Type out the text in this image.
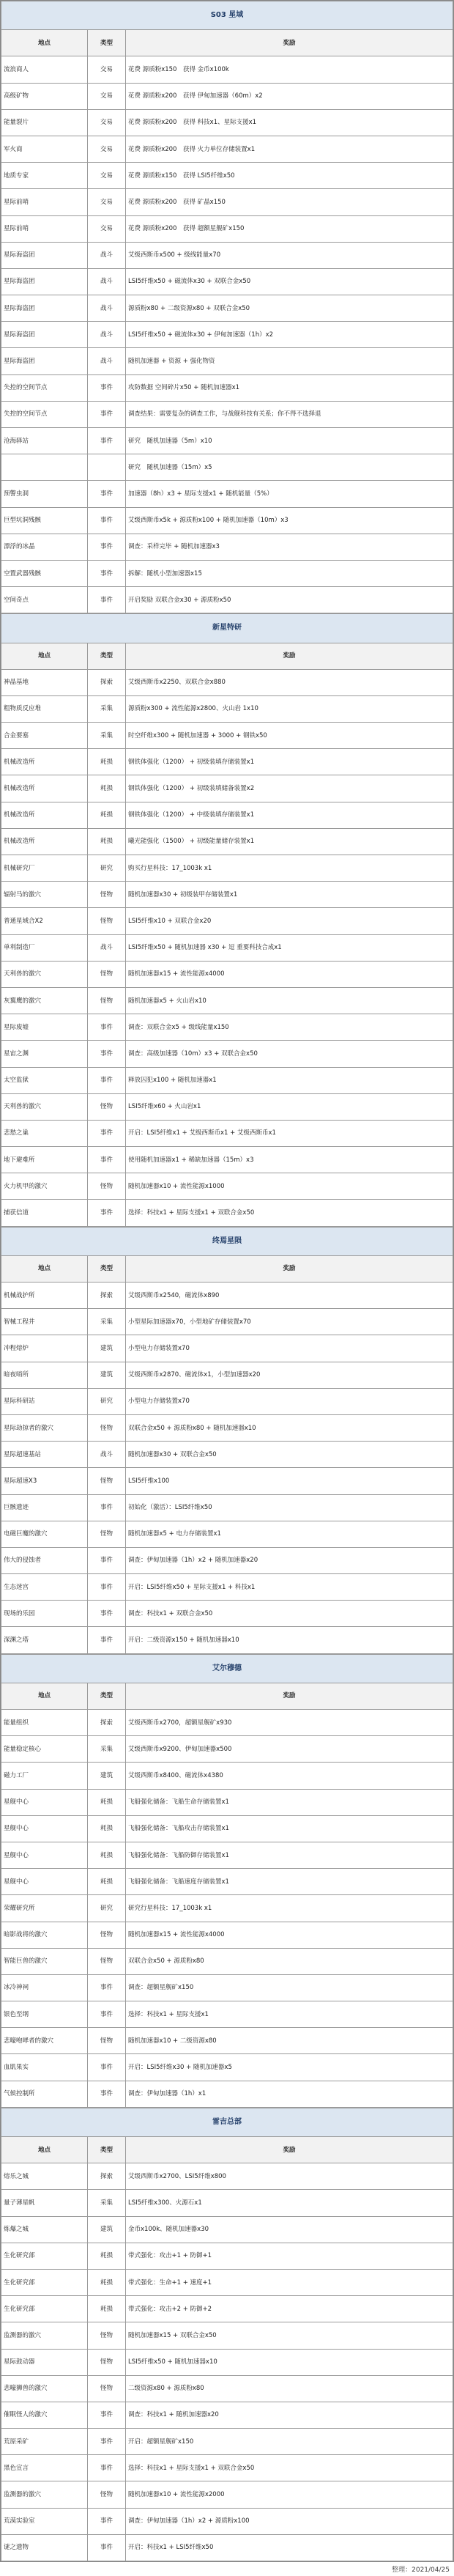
S03 星域		
地点	类型	奖励
流浪商人	交易	花费 源质粉x150　获得 金币x100k
高级矿物	交易	花费 源质粉x200　获得 伊甸加速器（60m）x2
能量裂片	交易	花费 源质粉x200　获得 科技x1、星际支援x1
军火商	交易	花费 源质粉x200　获得 火力单位存储装置x1
地质专家	交易	花费 源质粉x150　获得 LSI5纤维x50
星际前哨	交易	花费 源质粉x200　获得 矿晶x150
星际前哨	交易	花费 源质粉x200　获得 超额星舰矿x150
星际海盗团	战斗	艾级西斯币x500 + 级线能量x70
星际海盗团	战斗	LSI5纤维x50 + 磁流体x30 + 双联合金x50
星际海盗团	战斗	源质粉x80 + 二级资源x80 + 双联合金x50
星际海盗团	战斗	LSI5纤维x50 + 磁流体x30 + 伊甸加速器（1h）x2
星际海盗团	战斗	随机加速器 + 资源 + 强化物资
失控的空间节点	事件	攻防数据 空间碎片x50 + 随机加速器x1
失控的空间节点	事件	调查结果：需要复杂的调查工作，与战舰科技有关系；你不得不选择退
沧海驿站	事件	研究　随机加速器（5m）x10
		研究　随机加速器（15m）x5
预警虫洞	事件	加速器（8h）x3 + 星际支援x1 + 随机能量（5%）
巨型坑洞残骸	事件	艾级西斯币x5k + 源质粉x100 + 随机加速器（10m）x3
漂浮的冰晶	事件	调查：采样完毕 + 随机加速器x3
空置武器残骸	事件	拆解：随机小型加速器x15
空间奇点	事件	开启奖励 双联合金x30 + 源质粉x50
新星特研		
地点	类型	奖励
神晶基地	探索	艾级西斯币x2250、双联合金x880
粗物质反应堆	采集	源质粉x300 + 流性能源x2800、火山岩 1x10
合金要塞	采集	时空纤维x300 + 随机加速器 + 3000 + 钢铁x50
机械改造所	耗损	钢铁体强化（1200） + 初级装填存储装置x1
机械改造所	耗损	钢铁体强化（1200） + 初级装填储备装置x2
机械改造所	耗损	钢铁体强化（1200） + 中级装填存储装置x1
机械改造所	耗损	曦光能强化（1500） + 初级能量储存装置x1
机械研究厂	研究	购买行星科技：17_1003k x1
辐射马的激穴	怪物	随机加速器x30 + 初级装甲存储装置x1
普通星域合X2	怪物	LSI5纤维x10 + 双联合金x20
单利制造厂	战斗	LSI5纤维x50 + 随机加速器 x30 + 逗 重要科技合成x1
天利兽的激穴	怪物	随机加速器x15 + 流性能源x4000
灰翼鹰的激穴	怪物	随机加速器x5 + 火山岩x10
星际废墟	事件	调查：双联合金x5 + 级线能量x150
星宙之渊	事件	调查：高级加速器（10m）x3 + 双联合金x50
太空监狱	事件	释放囚犯x100 + 随机加速器x1
天利兽的激穴	怪物	LSI5纤维x60 + 火山岩x1
悲愁之巢	事件	开启：LSI5纤维x1 + 艾级西斯币x1 + 艾级西斯币x1
地下避难所	事件	使用随机加速器x1 + 稀缺加速器（15m）x3
火力机甲的激穴	怪物	随机加速器x10 + 流性能源x1000
捕获信道	事件	选择：科技x1 + 星际支援x1 + 双联合金x50
终焉星陨		
地点	类型	奖励
机械战护所	探索	艾级西斯币x2540，磁流体x890
智械工程井	采集	小型星际加速器x70，小型地矿存储装置x70
冲程熔炉	建筑	小型电力存储装置x70
暗夜哨所	建筑	艾级西斯币x2870、磁流体x1，小型加速器x20
星际科研站	研究	小型电力存储装置x70
星际劫掠者的激穴	怪物	双联合金x50 + 源质粉x80 + 随机加速器x10
星际超速基站	战斗	随机加速器x30 + 双联合金x50
星际超速X3	怪物	LSI5纤维x100
巨骸遗迹	事件	初始化（激活）：LSI5纤维x50
电磁巨魔的激穴	怪物	随机加速器x5 + 电力存储装置x1
伟大的侵蚀者	事件	调查：伊甸加速器（1h）x2 + 随机加速器x20
生态迷宫	事件	开启：LSI5纤维x50 + 星际支援x1 + 科技x1
现场的乐园	事件	调查：科技x1 + 双联合金x50
深渊之塔	事件	开启：二级资源x150 + 随机加速器x10
艾尔穆德		
地点	类型	奖励
能量组织	探索	艾级西斯币x2700，超额星舰矿x930
能量稳定核心	采集	艾级西斯币x9200、伊甸加速器x500
磁力工厂	建筑	艾级西斯币x8400、磁流体x4380
星舰中心	耗损	飞船强化储备：飞船生命存储装置x1
星舰中心	耗损	飞船强化储备：飞船攻击存储装置x1
星舰中心	耗损	飞船强化储备：飞船防御存储装置x1
星舰中心	耗损	飞船强化储备：飞船速度存储装置x1
荣耀研究所	研究	研究行星科技：17_1003k x1
暗影战将的激穴	怪物	随机加速器x15 + 流性能源x4000
智能巨兽的激穴	怪物	双联合金x50 + 源质粉x80
冰冷神祠	事件	调查：超额星舰矿x150
银色至纲	事件	选择：科技x1 + 星际支援x1
悲嚎咆哮者的激穴	怪物	随机加速器x10 + 二级资源x80
血肌果实	事件	开启：LSI5纤维x30 + 随机加速器x5
气候控制所	事件	调查：伊甸加速器（1h）x1
雷吉总部		
地点	类型	奖励
熔乐之城	探索	艾级西斯币x2700、LSI5纤维x800
量子薄星帆	采集	LSI5纤维x300、火源石x1
炼爆之城	建筑	金币x100k、随机加速器x30
生化研究部	耗损	带式强化：攻击+1 + 防御+1
生化研究部	耗损	带式强化：生命+1 + 速度+1
生化研究部	耗损	带式强化：攻击+2 + 防御+2
监测器的激穴	怪物	随机加速器x15 + 双联合金x50
星际鼓动器	怪物	LSI5纤维x50 + 随机加速器x10
悲嚎狮兽的激穴	怪物	二级资源x80 + 源质粉x80
催眠怪人的激穴	事件	调查：科技x1 + 随机加速器x20
荒原采矿	事件	开启：超额星舰矿x150
黑色宣言	事件	选择：科技x1 + 星际支援x1 + 双联合金x50
监测器的激穴	怪物	随机加速器x10 + 流性能源x2000
荒漠实验室	事件	调查：伊甸加速器（1h）x2 + 源质粉x100
谜之遗物	事件	开启：科技x1 + LSI5纤维x50
整理：2021/04/25
